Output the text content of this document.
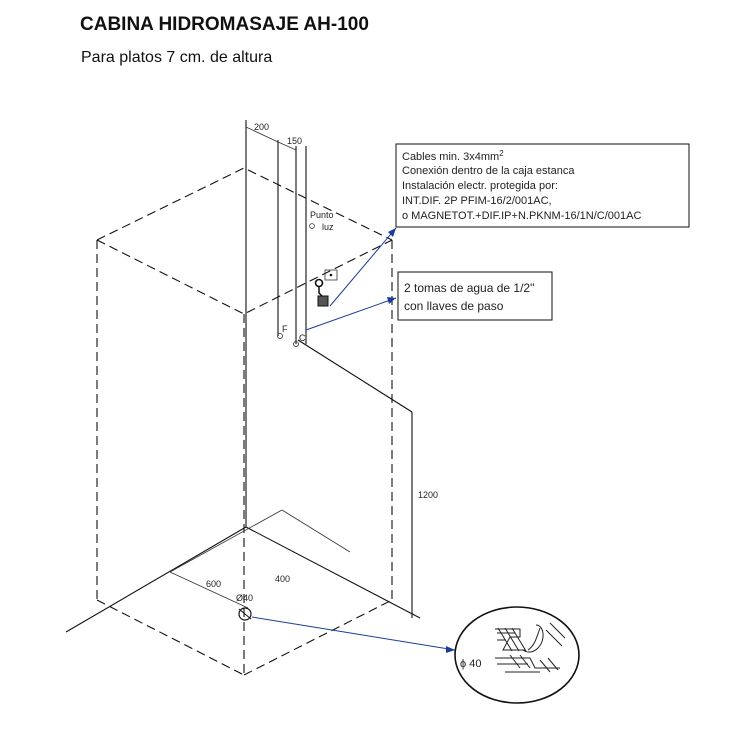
CABINA HIDROMASAJE AH-100
Para platos 7 cm. de altura
200
150
1200
600	400
Ø40
Punto
luz
F
C
Cables min. $3x4mm^2$
Conexión dentro de la caja estanca
Instalación electr. protegida por:
INT.DIF. 2P PFIM-16/2/001AC,
o MAGNETOT.+DIF.IP+N.PKNM-16/1N/C/001AC
2 tomas de agua de 1/2"
con llaves de paso
ϕ 40
